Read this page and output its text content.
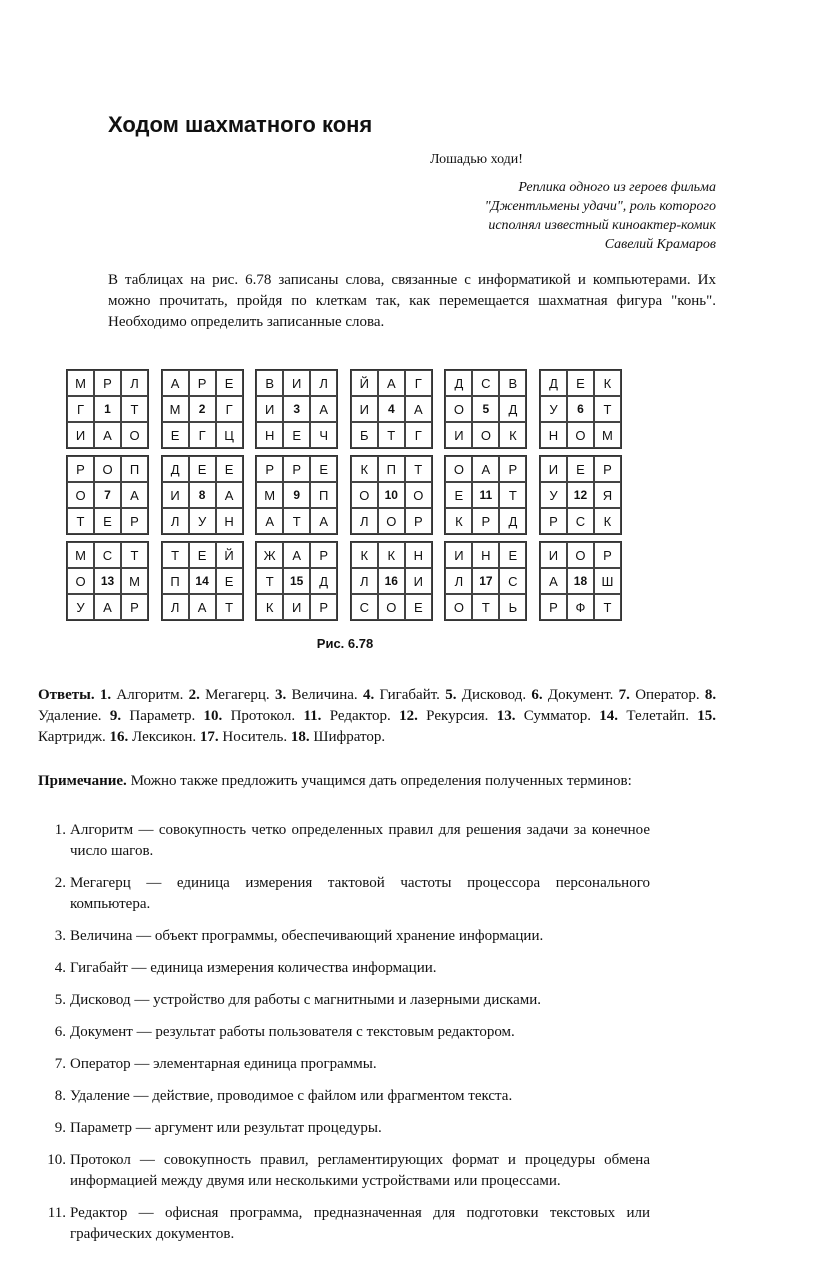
Ходом шахматного коня
Лошадью ходи!
Реплика одного из героев фильма
"Джентльмены удачи", роль которого
исполнял известный киноактер-комик
Савелий Крамаров
В таблицах на рис. 6.78 записаны слова, связанные с информатикой и компьютерами. Их можно прочитать, пройдя по клеткам так, как перемещается шахматная фигура "конь". Необходимо определить записанные слова.
М	Р	Л
Г	1	Т
И	А	О
А	Р	Е
М	2	Г
Е	Г	Ц
В	И	Л
И	3	А
Н	Е	Ч
Й	А	Г
И	4	А
Б	Т	Г
Д	С	В
О	5	Д
И	О	К
Д	Е	К
У	6	Т
Н	О	М
Р	О	П
О	7	А
Т	Е	Р
Д	Е	Е
И	8	А
Л	У	Н
Р	Р	Е
М	9	П
А	Т	А
К	П	Т
О	10	О
Л	О	Р
О	А	Р
Е	11	Т
К	Р	Д
И	Е	Р
У	12	Я
Р	С	К
М	С	Т
О	13	М
У	А	Р
Т	Е	Й
П	14	Е
Л	А	Т
Ж	А	Р
Т	15	Д
К	И	Р
К	К	Н
Л	16	И
С	О	Е
И	Н	Е
Л	17	С
О	Т	Ь
И	О	Р
А	18	Ш
Р	Ф	Т
Рис. 6.78
Ответы. 1. Алгоритм. 2. Мегагерц. 3. Величина. 4. Гигабайт. 5. Дисковод. 6. Документ. 7. Оператор. 8. Удаление. 9. Параметр. 10. Протокол. 11. Редактор. 12. Рекурсия. 13. Сумматор. 14. Телетайп. 15. Картридж. 16. Лексикон. 17. Носитель. 18. Шифратор.
Примечание. Можно также предложить учащимся дать определения полученных терминов:
1. Алгоритм — совокупность четко определенных правил для решения задачи за конечное число шагов.
2. Мегагерц — единица измерения тактовой частоты процессора персонального компьютера.
3. Величина — объект программы, обеспечивающий хранение информации.
4. Гигабайт — единица измерения количества информации.
5. Дисковод — устройство для работы с магнитными и лазерными дисками.
6. Документ — результат работы пользователя с текстовым редактором.
7. Оператор — элементарная единица программы.
8. Удаление — действие, проводимое с файлом или фрагментом текста.
9. Параметр — аргумент или результат процедуры.
10. Протокол — совокупность правил, регламентирующих формат и процедуры обмена информацией между двумя или несколькими устройствами или процессами.
11. Редактор — офисная программа, предназначенная для подготовки текстовых или графических документов.
